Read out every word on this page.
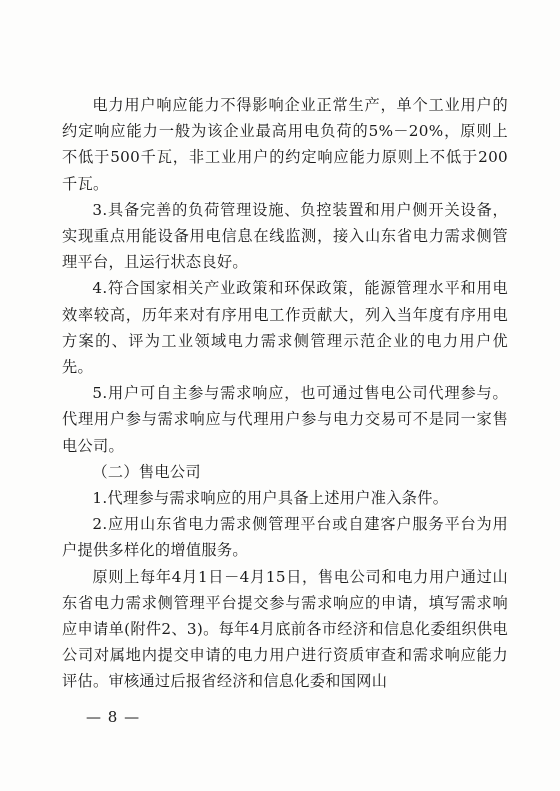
电力用户响应能力不得影响企业正常生产，单个工业用户的约定响应能力一般为该企业最高用电负荷的5%－20%，原则上不低于500千瓦，非工业用户的约定响应能力原则上不低于200千瓦。

3.具备完善的负荷管理设施、负控装置和用户侧开关设备，实现重点用能设备用电信息在线监测，接入山东省电力需求侧管理平台，且运行状态良好。

4.符合国家相关产业政策和环保政策，能源管理水平和用电效率较高，历年来对有序用电工作贡献大，列入当年度有序用电方案的、评为工业领域电力需求侧管理示范企业的电力用户优先。

5.用户可自主参与需求响应，也可通过售电公司代理参与。代理用户参与需求响应与代理用户参与电力交易可不是同一家售电公司。

（二）售电公司

1.代理参与需求响应的用户具备上述用户准入条件。

2.应用山东省电力需求侧管理平台或自建客户服务平台为用户提供多样化的增值服务。

原则上每年4月1日－4月15日，售电公司和电力用户通过山东省电力需求侧管理平台提交参与需求响应的申请，填写需求响应申请单(附件2、3)。每年4月底前各市经济和信息化委组织供电公司对属地内提交申请的电力用户进行资质审查和需求响应能力评估。审核通过后报省经济和信息化委和国网山

— 8 —
